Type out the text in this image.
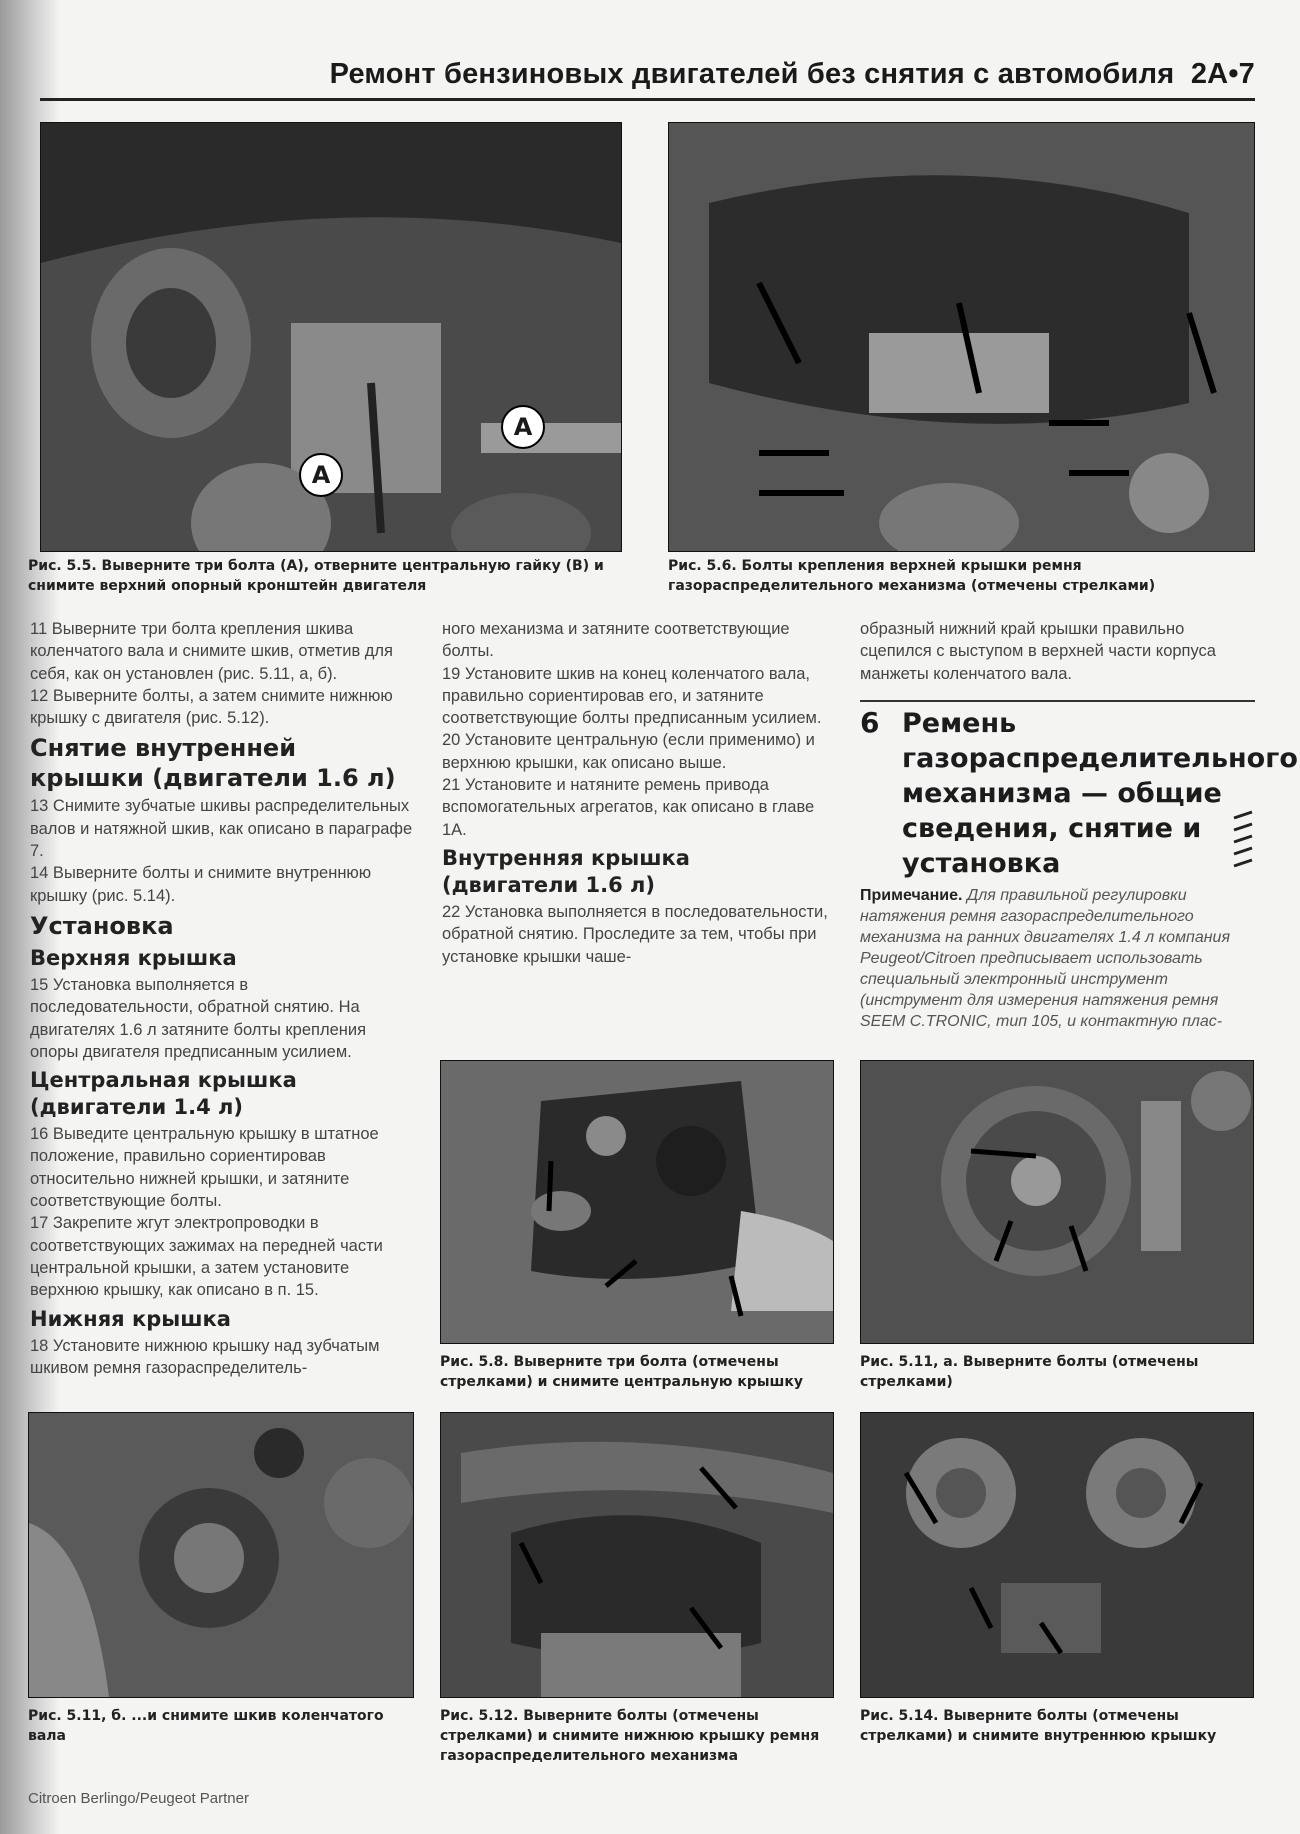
Ремонт бензиновых двигателей без снятия с автомобиля 2A•7
A
A
Рис. 5.5. Выверните три болта (А), отверните центральную гайку (В) и снимите верхний опорный кронштейн двигателя
Рис. 5.6. Болты крепления верхней крышки ремня газораспределительного механизма (отмечены стрелками)

11 Выверните три болта крепления шкива коленчатого вала и снимите шкив, отметив для себя, как он установлен (рис. 5.11, а, б).

12 Выверните болты, а затем снимите нижнюю крышку с двигателя (рис. 5.12).

Снятие внутренней крышки (двигатели 1.6 л)

13 Снимите зубчатые шкивы распределительных валов и натяжной шкив, как описано в параграфе 7.

14 Выверните болты и снимите внутреннюю крышку (рис. 5.14).

Установка
Верхняя крышка

15 Установка выполняется в последовательности, обратной снятию. На двигателях 1.6 л затяните болты крепления опоры двигателя предписанным усилием.

Центральная крышка (двигатели 1.4 л)

16 Выведите центральную крышку в штатное положение, правильно сориентировав относительно нижней крышки, и затяните соответствующие болты.

17 Закрепите жгут электропроводки в соответствующих зажимах на передней части центральной крышки, а затем установите верхнюю крышку, как описано в п. 15.

Нижняя крышка

18 Установите нижнюю крышку над зубчатым шкивом ремня газораспределитель-

ного механизма и затяните соответствующие болты.

19 Установите шкив на конец коленчатого вала, правильно сориентировав его, и затяните соответствующие болты предписанным усилием.

20 Установите центральную (если применимо) и верхнюю крышки, как описано выше.

21 Установите и натяните ремень привода вспомогательных агрегатов, как описано в главе 1А.

Внутренняя крышка (двигатели 1.6 л)

22 Установка выполняется в последовательности, обратной снятию. Проследите за тем, чтобы при установке крышки чаше-

образный нижний край крышки правильно сцепился с выступом в верхней части корпуса манжеты коленчатого вала.

6 Ремень газораспределительного механизма — общие сведения, снятие и установка
Примечание. Для правильной регулировки натяжения ремня газораспределительного механизма на ранних двигателях 1.4 л компания Peugeot/Citroen предписывает использовать специальный электронный инструмент (инструмент для измерения натяжения ремня SEEM C.TRONIC, тип 105, и контактную плас-
Рис. 5.8. Выверните три болта (отмечены стрелками) и снимите центральную крышку
Рис. 5.11, а. Выверните болты (отмечены стрелками)
Рис. 5.11, б. ...и снимите шкив коленчатого вала
Рис. 5.12. Выверните болты (отмечены стрелками) и снимите нижнюю крышку ремня газораспределительного механизма
Рис. 5.14. Выверните болты (отмечены стрелками) и снимите внутреннюю крышку
Citroen Berlingo/Peugeot Partner
